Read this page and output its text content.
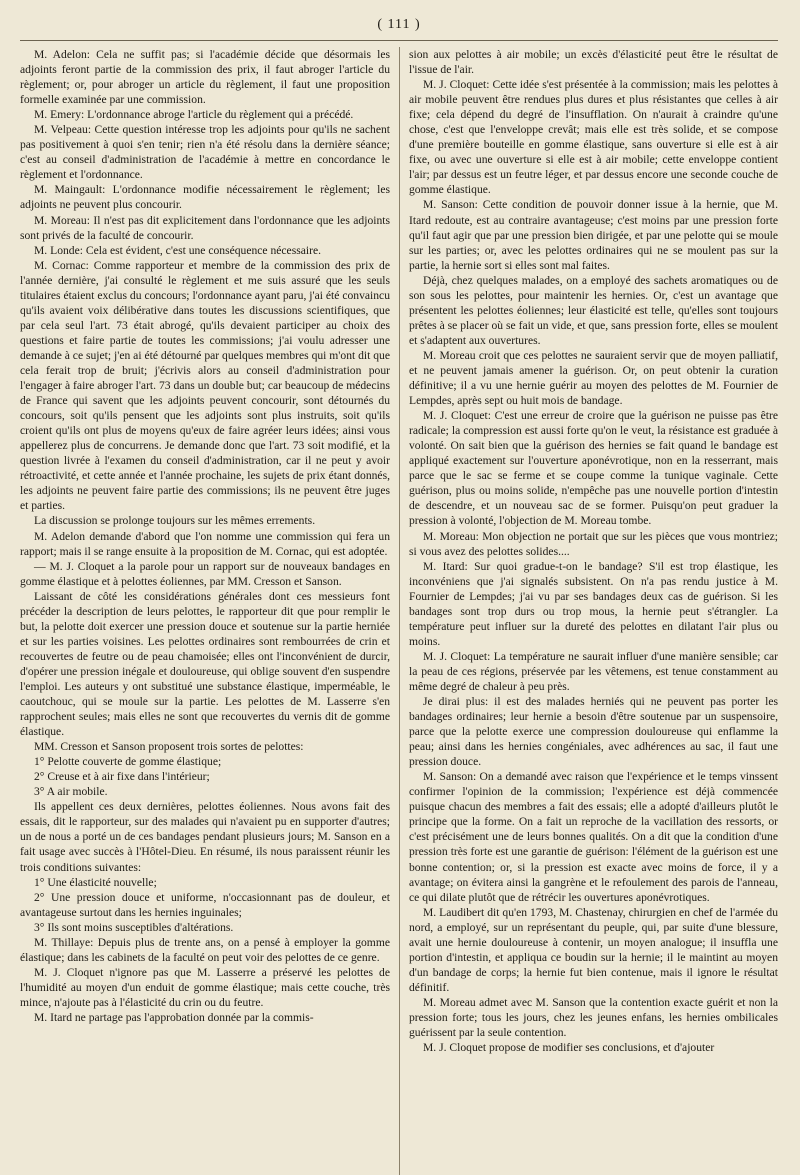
( 111 )

M. Adelon: Cela ne suffit pas; si l'académie décide que désormais les adjoints feront partie de la commission des prix, il faut abroger l'article du règlement; or, pour abroger un article du règlement, il faut une proposition formelle examinée par une commission.

M. Emery: L'ordonnance abroge l'article du règlement qui a précédé.

M. Velpeau: Cette question intéresse trop les adjoints pour qu'ils ne sachent pas positivement à quoi s'en tenir; rien n'a été résolu dans la dernière séance; c'est au conseil d'administration de l'académie à mettre en concordance le règlement et l'ordonnance.

M. Maingault: L'ordonnance modifie nécessairement le règlement; les adjoints ne peuvent plus concourir.

M. Moreau: Il n'est pas dit explicitement dans l'ordonnance que les adjoints sont privés de la faculté de concourir.

M. Londe: Cela est évident, c'est une conséquence nécessaire.

M. Cornac: Comme rapporteur et membre de la commission des prix de l'année dernière, j'ai consulté le règlement et me suis assuré que les seuls titulaires étaient exclus du concours; l'ordonnance ayant paru, j'ai été convaincu qu'ils avaient voix délibérative dans toutes les discussions scientifiques, que par cela seul l'art. 73 était abrogé, qu'ils devaient participer au choix des questions et faire partie de toutes les commissions; j'ai voulu adresser une demande à ce sujet; j'en ai été détourné par quelques membres qui m'ont dit que cela ferait trop de bruit; j'écrivis alors au conseil d'administration pour l'engager à faire abroger l'art. 73 dans un double but; car beaucoup de médecins de France qui savent que les adjoints peuvent concourir, sont détournés du concours, soit qu'ils pensent que les adjoints sont plus instruits, soit qu'ils croient qu'ils ont plus de moyens qu'eux de faire agréer leurs idées; ainsi vous appellerez plus de concurrens. Je demande donc que l'art. 73 soit modifié, et la question livrée à l'examen du conseil d'administration, car il ne peut y avoir rétroactivité, et cette année et l'année prochaine, les sujets de prix étant donnés, les adjoints ne peuvent faire partie des commissions; ils ne peuvent être juges et parties.

La discussion se prolonge toujours sur les mêmes errements.

M. Adelon demande d'abord que l'on nomme une commission qui fera un rapport; mais il se range ensuite à la proposition de M. Cornac, qui est adoptée.

— M. J. Cloquet a la parole pour un rapport sur de nouveaux bandages en gomme élastique et à pelottes éoliennes, par MM. Cresson et Sanson.

Laissant de côté les considérations générales dont ces messieurs font précéder la description de leurs pelottes, le rapporteur dit que pour remplir le but, la pelotte doit exercer une pression douce et soutenue sur la partie herniée et sur les parties voisines. Les pelottes ordinaires sont rembourrées de crin et recouvertes de feutre ou de peau chamoisée; elles ont l'inconvénient de durcir, d'opérer une pression inégale et douloureuse, qui oblige souvent d'en suspendre l'emploi. Les auteurs y ont substitué une substance élastique, imperméable, le caoutchouc, qui se moule sur la partie. Les pelottes de M. Lasserre s'en rapprochent seules; mais elles ne sont que recouvertes du vernis dit de gomme élastique.

MM. Cresson et Sanson proposent trois sortes de pelottes:

1° Pelotte couverte de gomme élastique;

2° Creuse et à air fixe dans l'intérieur;

3° A air mobile.

Ils appellent ces deux dernières, pelottes éoliennes. Nous avons fait des essais, dit le rapporteur, sur des malades qui n'avaient pu en supporter d'autres; un de nous a porté un de ces bandages pendant plusieurs jours; M. Sanson en a fait usage avec succès à l'Hôtel-Dieu. En résumé, ils nous paraissent réunir les trois conditions suivantes:

1° Une élasticité nouvelle;

2° Une pression douce et uniforme, n'occasionnant pas de douleur, et avantageuse surtout dans les hernies inguinales;

3° Ils sont moins susceptibles d'altérations.

M. Thillaye: Depuis plus de trente ans, on a pensé à employer la gomme élastique; dans les cabinets de la faculté on peut voir des pelottes de ce genre.

M. J. Cloquet n'ignore pas que M. Lasserre a préservé les pelottes de l'humidité au moyen d'un enduit de gomme élastique; mais cette couche, très mince, n'ajoute pas à l'élasticité du crin ou du feutre.

M. Itard ne partage pas l'approbation donnée par la commis-

sion aux pelottes à air mobile; un excès d'élasticité peut être le résultat de l'issue de l'air.

M. J. Cloquet: Cette idée s'est présentée à la commission; mais les pelottes à air mobile peuvent être rendues plus dures et plus résistantes que celles à air fixe; cela dépend du degré de l'insufflation. On n'aurait à craindre qu'une chose, c'est que l'enveloppe crevât; mais elle est très solide, et se compose d'une première bouteille en gomme élastique, sans ouverture si elle est à air fixe, ou avec une ouverture si elle est à air mobile; cette enveloppe contient l'air; par dessus est un feutre léger, et par dessus encore une seconde couche de gomme élastique.

M. Sanson: Cette condition de pouvoir donner issue à la hernie, que M. Itard redoute, est au contraire avantageuse; c'est moins par une pression forte qu'il faut agir que par une pression bien dirigée, et par une pelotte qui se moule sur les parties; or, avec les pelottes ordinaires qui ne se moulent pas sur la partie, la hernie sort si elles sont mal faites.

Déjà, chez quelques malades, on a employé des sachets aromatiques ou de son sous les pelottes, pour maintenir les hernies. Or, c'est un avantage que présentent les pelottes éoliennes; leur élasticité est telle, qu'elles sont toujours prêtes à se placer où se fait un vide, et que, sans pression forte, elles se moulent et s'adaptent aux ouvertures.

M. Moreau croit que ces pelottes ne sauraient servir que de moyen palliatif, et ne peuvent jamais amener la guérison. Or, on peut obtenir la curation définitive; il a vu une hernie guérir au moyen des pelottes de M. Fournier de Lempdes, après sept ou huit mois de bandage.

M. J. Cloquet: C'est une erreur de croire que la guérison ne puisse pas être radicale; la compression est aussi forte qu'on le veut, la résistance est graduée à volonté. On sait bien que la guérison des hernies se fait quand le bandage est appliqué exactement sur l'ouverture aponévrotique, non en la resserrant, mais parce que le sac se ferme et se coupe comme la tunique vaginale. Cette guérison, plus ou moins solide, n'empêche pas une nouvelle portion d'intestin de descendre, et un nouveau sac de se former. Puisqu'on peut graduer la pression à volonté, l'objection de M. Moreau tombe.

M. Moreau: Mon objection ne portait que sur les pièces que vous montriez; si vous avez des pelottes solides....

M. Itard: Sur quoi gradue-t-on le bandage? S'il est trop élastique, les inconvéniens que j'ai signalés subsistent. On n'a pas rendu justice à M. Fournier de Lempdes; j'ai vu par ses bandages deux cas de guérison. Si les bandages sont trop durs ou trop mous, la hernie peut s'étrangler. La température peut influer sur la dureté des pelottes en dilatant l'air plus ou moins.

M. J. Cloquet: La température ne saurait influer d'une manière sensible; car la peau de ces régions, préservée par les vêtemens, est tenue constamment au même degré de chaleur à peu près.

Je dirai plus: il est des malades herniés qui ne peuvent pas porter les bandages ordinaires; leur hernie a besoin d'être soutenue par un suspensoire, parce que la pelotte exerce une compression douloureuse qui enflamme la peau; ainsi dans les hernies congéniales, avec adhérences au sac, il faut une pression douce.

M. Sanson: On a demandé avec raison que l'expérience et le temps vinssent confirmer l'opinion de la commission; l'expérience est déjà commencée puisque chacun des membres a fait des essais; elle a adopté d'ailleurs plutôt le principe que la forme. On a fait un reproche de la vacillation des ressorts, or c'est précisément une de leurs bonnes qualités. On a dit que la condition d'une pression très forte est une garantie de guérison: l'élément de la guérison est une bonne contention; or, si la pression est exacte avec moins de force, il y a avantage; on évitera ainsi la gangrène et le refoulement des parois de l'anneau, ce qui dilate plutôt que de rétrécir les ouvertures aponévrotiques.

M. Laudibert dit qu'en 1793, M. Chastenay, chirurgien en chef de l'armée du nord, a employé, sur un représentant du peuple, qui, par suite d'une blessure, avait une hernie douloureuse à contenir, un moyen analogue; il insuffla une portion d'intestin, et appliqua ce boudin sur la hernie; il le maintint au moyen d'un bandage de corps; la hernie fut bien contenue, mais il ignore le résultat définitif.

M. Moreau admet avec M. Sanson que la contention exacte guérit et non la pression forte; tous les jours, chez les jeunes enfans, les hernies ombilicales guérissent par la seule contention.

M. J. Cloquet propose de modifier ses conclusions, et d'ajouter
